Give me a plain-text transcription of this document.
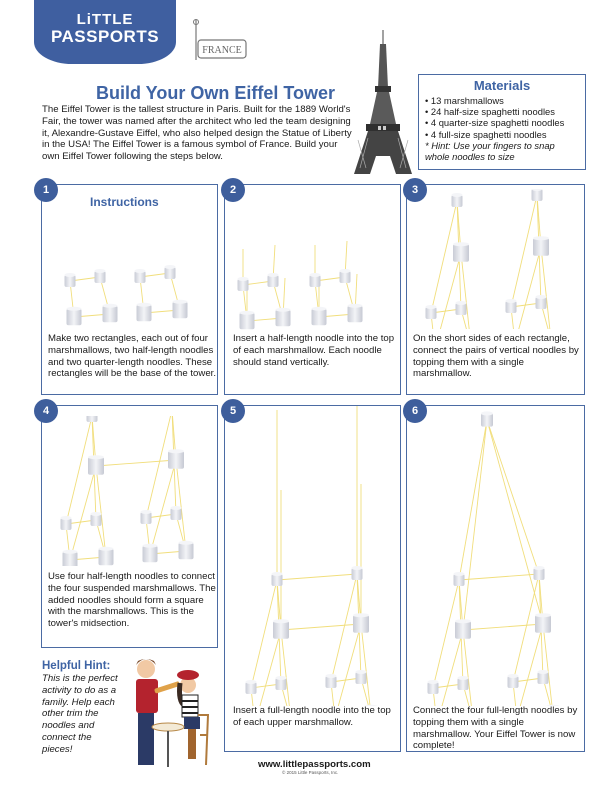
LiTTLE
PASSPORTS
FRANCE
Build Your Own Eiffel Tower
The Eiffel Tower is the tallest structure in Paris. Built for the 1889 World's Fair, the tower was named after the architect who led the team designing it, Alexandre-Gustave Eiffel, who also helped design the Statue of Liberty in the USA! The Eiffel Tower is a famous symbol of France. Build your own Eiffel Tower following the steps below.
Materials
• 13 marshmallows
• 24 half-size spaghetti noodles
• 4 quarter-size spaghetti noodles
• 4 full-size spaghetti noodles
* Hint: Use your fingers to snap whole noodles to size
Instructions
Make two rectangles, each out of four marshmallows, two half-length noodles and two quarter-length noodles. These rectangles will be the base of the tower.
1
Insert a half-length noodle into the top of each marshmallow. Each noodle should stand vertically.
2
On the short sides of each rectangle, connect the pairs of vertical noodles by topping them with a single marshmallow.
3
Use four half-length noodles to connect the four suspended marshmallows. The added noodles should form a square with the marshmallows. This is the tower's midsection.
4
Insert a full-length noodle into the top of each upper marshmallow.
5
Connect the four full-length noodles by topping them with a single marshmallow. Your Eiffel Tower is now complete!
6
Helpful Hint:
This is the perfect activity to do as a family. Help each other trim the noodles and connect the pieces!
www.littlepassports.com
© 2015 Little Passports, Inc.
